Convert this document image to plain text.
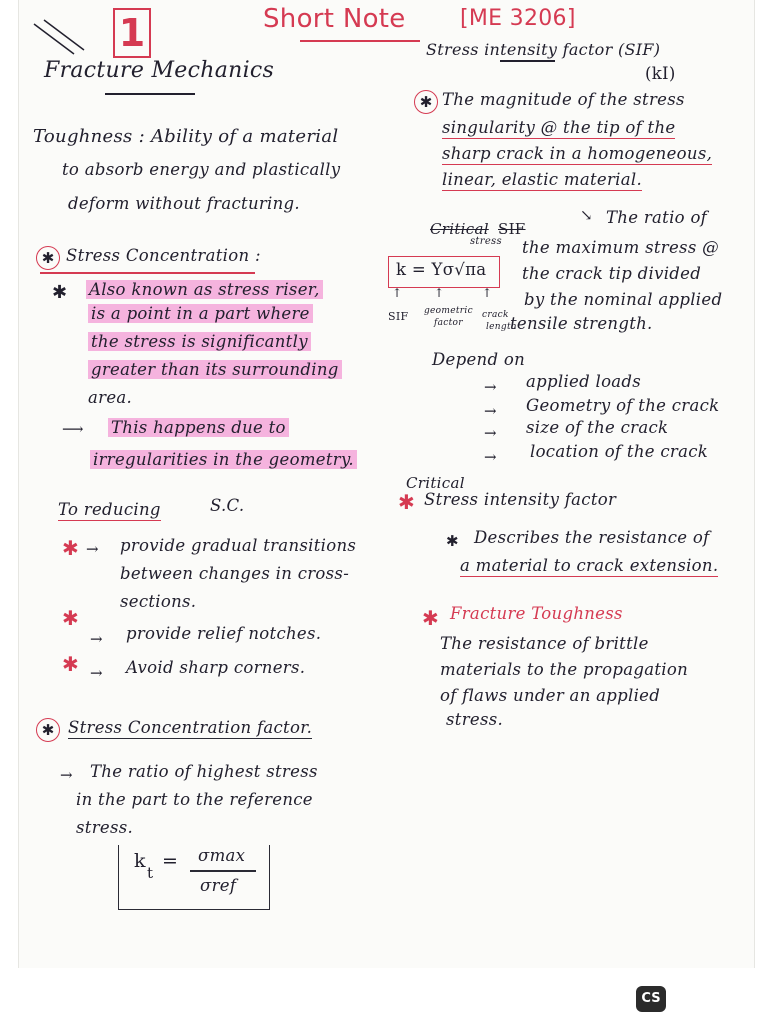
1	Short Note [ME 3206]
Fracture Mechanics
Toughness : Ability of a material
to absorb energy and plastically
deform without fracturing.
✱ Stress Concentration :
✱ Also known as stress riser,
is a point in a part where
the stress is significantly
greater than its surrounding
area.
⟶ This happens due to
irregularities in the geometry.
To reducing	S.C.
✱ → provide gradual transitions
between changes in cross-
sections.
✱
→ provide relief notches.
✱ → Avoid sharp corners.
✱ Stress Concentration factor.
→ The ratio of highest stress
in the part to the reference
stress.
k
t
= σmax
σref
Stress intensity factor (SIF)
(kI)
✱ The magnitude of the stress
singularity @ the tip of the
sharp crack in a homogeneous,
linear, elastic material.
Critical SIF
↘ The ratio of
the maximum stress @
the crack tip divided
by the nominal applied
tensile strength.
stress
k = Yσ√πa
↑	↑	↑
SIF geometric
factor
crack
length
Depend on
→ applied loads
→ Geometry of the crack
→ size of the crack
→ location of the crack
Critical
✱ Stress intensity factor
✱ Describes the resistance of
a material to crack extension.
✱ Fracture Toughness
The resistance of brittle
materials to the propagation
of flaws under an applied
stress.
CS
